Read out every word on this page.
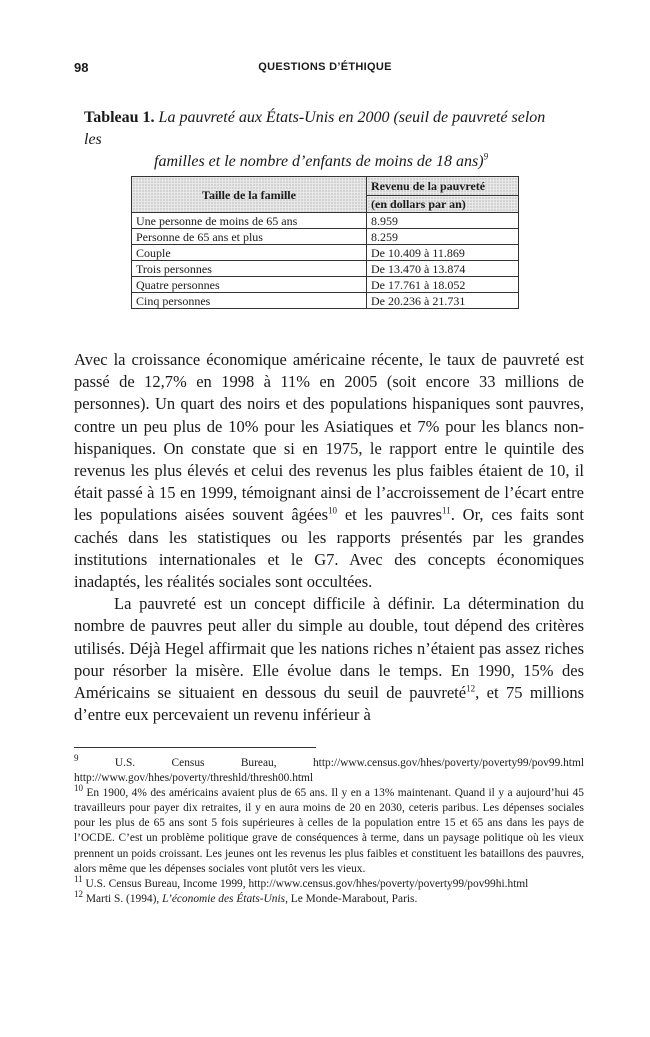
98	QUESTIONS D’ÉTHIQUE
Tableau 1. La pauvreté aux États-Unis en 2000 (seuil de pauvreté selon les
familles et le nombre d’enfants de moins de 18 ans)$^9$
Taille de la famille	Revenu de la pauvreté
	(en dollars par an)
Une personne de moins de 65 ans	8.959
Personne de 65 ans et plus	8.259
Couple	De 10.409 à 11.869
Trois personnes	De 13.470 à 13.874
Quatre personnes	De 17.761 à 18.052
Cinq personnes	De 20.236 à 21.731

Avec la croissance économique américaine récente, le taux de pauvreté est passé de 12,7% en 1998 à 11% en 2005 (soit encore 33 millions de personnes). Un quart des noirs et des populations hispaniques sont pauvres, contre un peu plus de 10% pour les Asiatiques et 7% pour les blancs non-hispaniques. On constate que si en 1975, le rapport entre le quintile des revenus les plus élevés et celui des revenus les plus faibles étaient de 10, il était passé à 15 en 1999, témoignant ainsi de l’accroissement de l’écart entre les populations aisées souvent âgées$^{10}$ et les pauvres$^{11}$. Or, ces faits sont cachés dans les statistiques ou les rapports présentés par les grandes institutions internationales et le G7. Avec des concepts économiques inadaptés, les réalités sociales sont occultées.

La pauvreté est un concept difficile à définir. La détermination du nombre de pauvres peut aller du simple au double, tout dépend des critères utilisés. Déjà Hegel affirmait que les nations riches n’étaient pas assez riches pour résorber la misère. Elle évolue dans le temps. En 1990, 15% des Américains se situaient en dessous du seuil de pauvreté$^{12}$, et 75 millions d’entre eux percevaient un revenu inférieur à

$^9$ U.S. Census Bureau, http://www.census.gov/hhes/poverty/poverty99/pov99.html http://www.gov/hhes/poverty/threshld/thresh00.html
$^{10}$ En 1900, 4% des américains avaient plus de 65 ans. Il y en a 13% maintenant. Quand il y a aujourd’hui 45 travailleurs pour payer dix retraites, il y en aura moins de 20 en 2030, ceteris paribus. Les dépenses sociales pour les plus de 65 ans sont 5 fois supérieures à celles de la population entre 15 et 65 ans dans les pays de l’OCDE. C’est un problème politique grave de conséquences à terme, dans un paysage politique où les vieux prennent un poids croissant. Les jeunes ont les revenus les plus faibles et constituent les bataillons des pauvres, alors même que les dépenses sociales vont plutôt vers les vieux.
$^{11}$ U.S. Census Bureau, Income 1999, http://www.census.gov/hhes/poverty/poverty99/pov99hi.html
$^{12}$ Marti S. (1994), L’économie des États-Unis, Le Monde-Marabout, Paris.
